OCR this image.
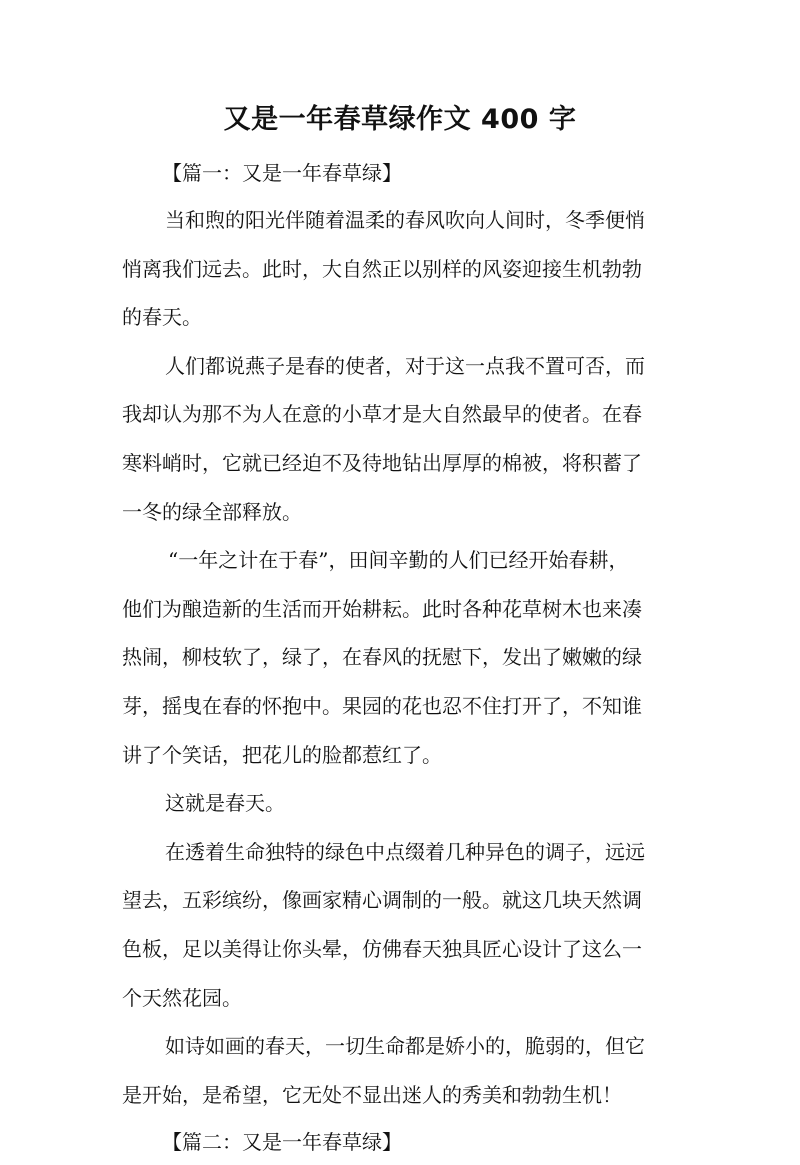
又是一年春草绿作文 400 字
【篇一：又是一年春草绿】

当和煦的阳光伴随着温柔的春风吹向人间时，冬季便悄
悄离我们远去。此时，大自然正以别样的风姿迎接生机勃勃
的春天。

人们都说燕子是春的使者，对于这一点我不置可否，而
我却认为那不为人在意的小草才是大自然最早的使者。在春
寒料峭时，它就已经迫不及待地钻出厚厚的棉被，将积蓄了
一冬的绿全部释放。

“一年之计在于春”，田间辛勤的人们已经开始春耕，
他们为酿造新的生活而开始耕耘。此时各种花草树木也来凑
热闹，柳枝软了，绿了，在春风的抚慰下，发出了嫩嫩的绿
芽，摇曳在春的怀抱中。果园的花也忍不住打开了，不知谁
讲了个笑话，把花儿的脸都惹红了。

这就是春天。

在透着生命独特的绿色中点缀着几种异色的调子，远远
望去，五彩缤纷，像画家精心调制的一般。就这几块天然调
色板，足以美得让你头晕，仿佛春天独具匠心设计了这么一
个天然花园。

如诗如画的春天，一切生命都是娇小的，脆弱的，但它
是开始，是希望，它无处不显出迷人的秀美和勃勃生机！

【篇二：又是一年春草绿】
